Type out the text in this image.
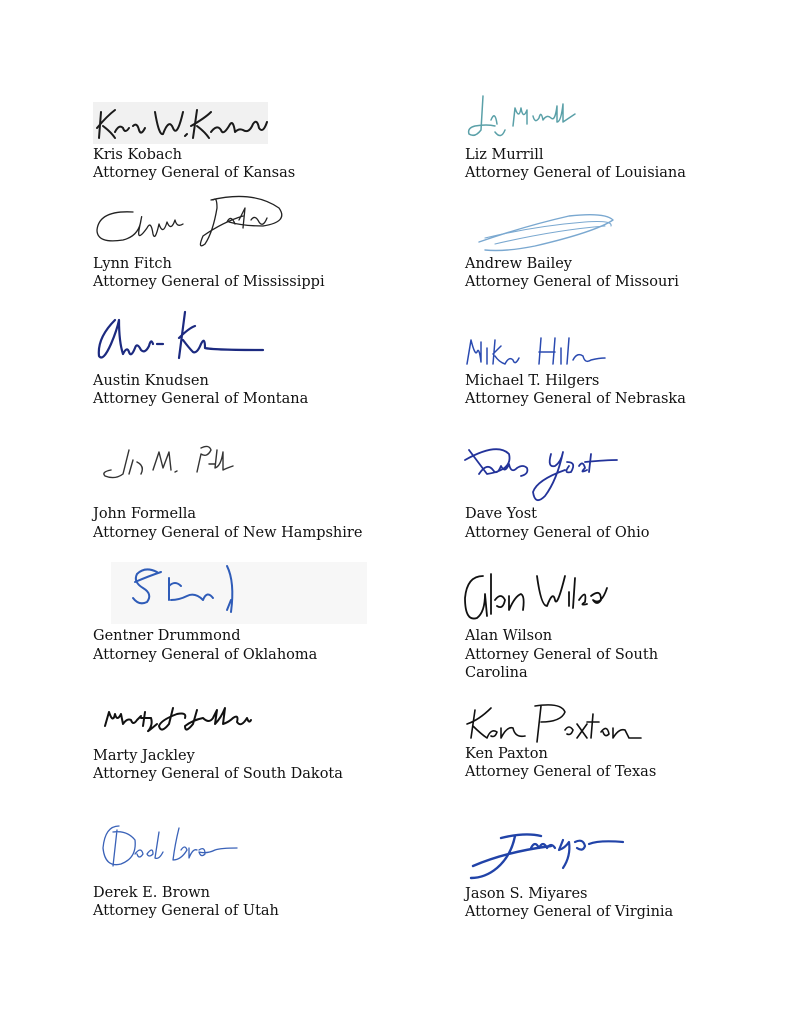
Kris Kobach
Attorney General of Kansas
Liz Murrill
Attorney General of Louisiana
Lynn Fitch
Attorney General of Mississippi
Andrew Bailey
Attorney General of Missouri
Austin Knudsen
Attorney General of Montana
Michael T. Hilgers
Attorney General of Nebraska
John Formella
Attorney General of New Hampshire
Dave Yost
Attorney General of Ohio
Gentner Drummond
Attorney General of Oklahoma
Alan Wilson
Attorney General of South Carolina
Marty Jackley
Attorney General of South Dakota
Ken Paxton
Attorney General of Texas
Derek E. Brown
Attorney General of Utah
Jason S. Miyares
Attorney General of Virginia
